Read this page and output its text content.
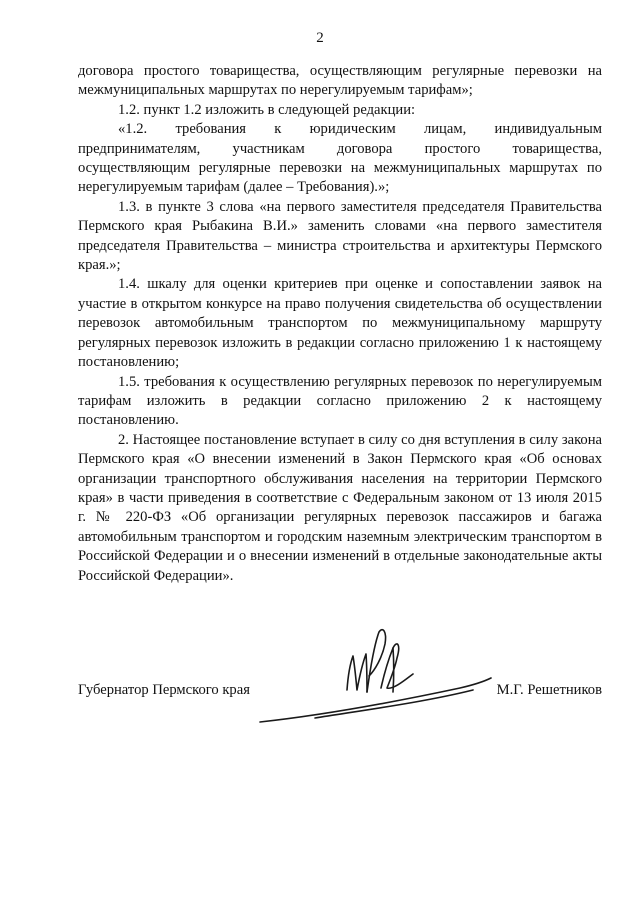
2

договора простого товарищества, осуществляющим регулярные перевозки на межмуниципальных маршрутах по нерегулируемым тарифам»;

1.2. пункт 1.2 изложить в следующей редакции:

«1.2. требования к юридическим лицам, индивидуальным предпринимателям, участникам договора простого товарищества, осуществляющим регулярные перевозки на межмуниципальных маршрутах по нерегулируемым тарифам (далее – Требования).»;

1.3. в пункте 3 слова «на первого заместителя председателя Правительства Пермского края Рыбакина В.И.» заменить словами «на первого заместителя председателя Правительства – министра строительства и архитектуры Пермского края.»;

1.4. шкалу для оценки критериев при оценке и сопоставлении заявок на участие в открытом конкурсе на право получения свидетельства об осуществлении перевозок автомобильным транспортом по межмуниципальному маршруту регулярных перевозок изложить в редакции согласно приложению 1 к настоящему постановлению;

1.5. требования к осуществлению регулярных перевозок по нерегулируемым тарифам изложить в редакции согласно приложению 2 к настоящему постановлению.

2. Настоящее постановление вступает в силу со дня вступления в силу закона Пермского края «О внесении изменений в Закон Пермского края «Об основах организации транспортного обслуживания населения на территории Пермского края» в части приведения в соответствие с Федеральным законом от 13 июля 2015 г. № 220-ФЗ «Об организации регулярных перевозок пассажиров и багажа автомобильным транспортом и городским наземным электрическим транспортом в Российской Федерации и о внесении изменений в отдельные законодательные акты Российской Федерации».

Губернатор Пермского края	М.Г. Решетников
